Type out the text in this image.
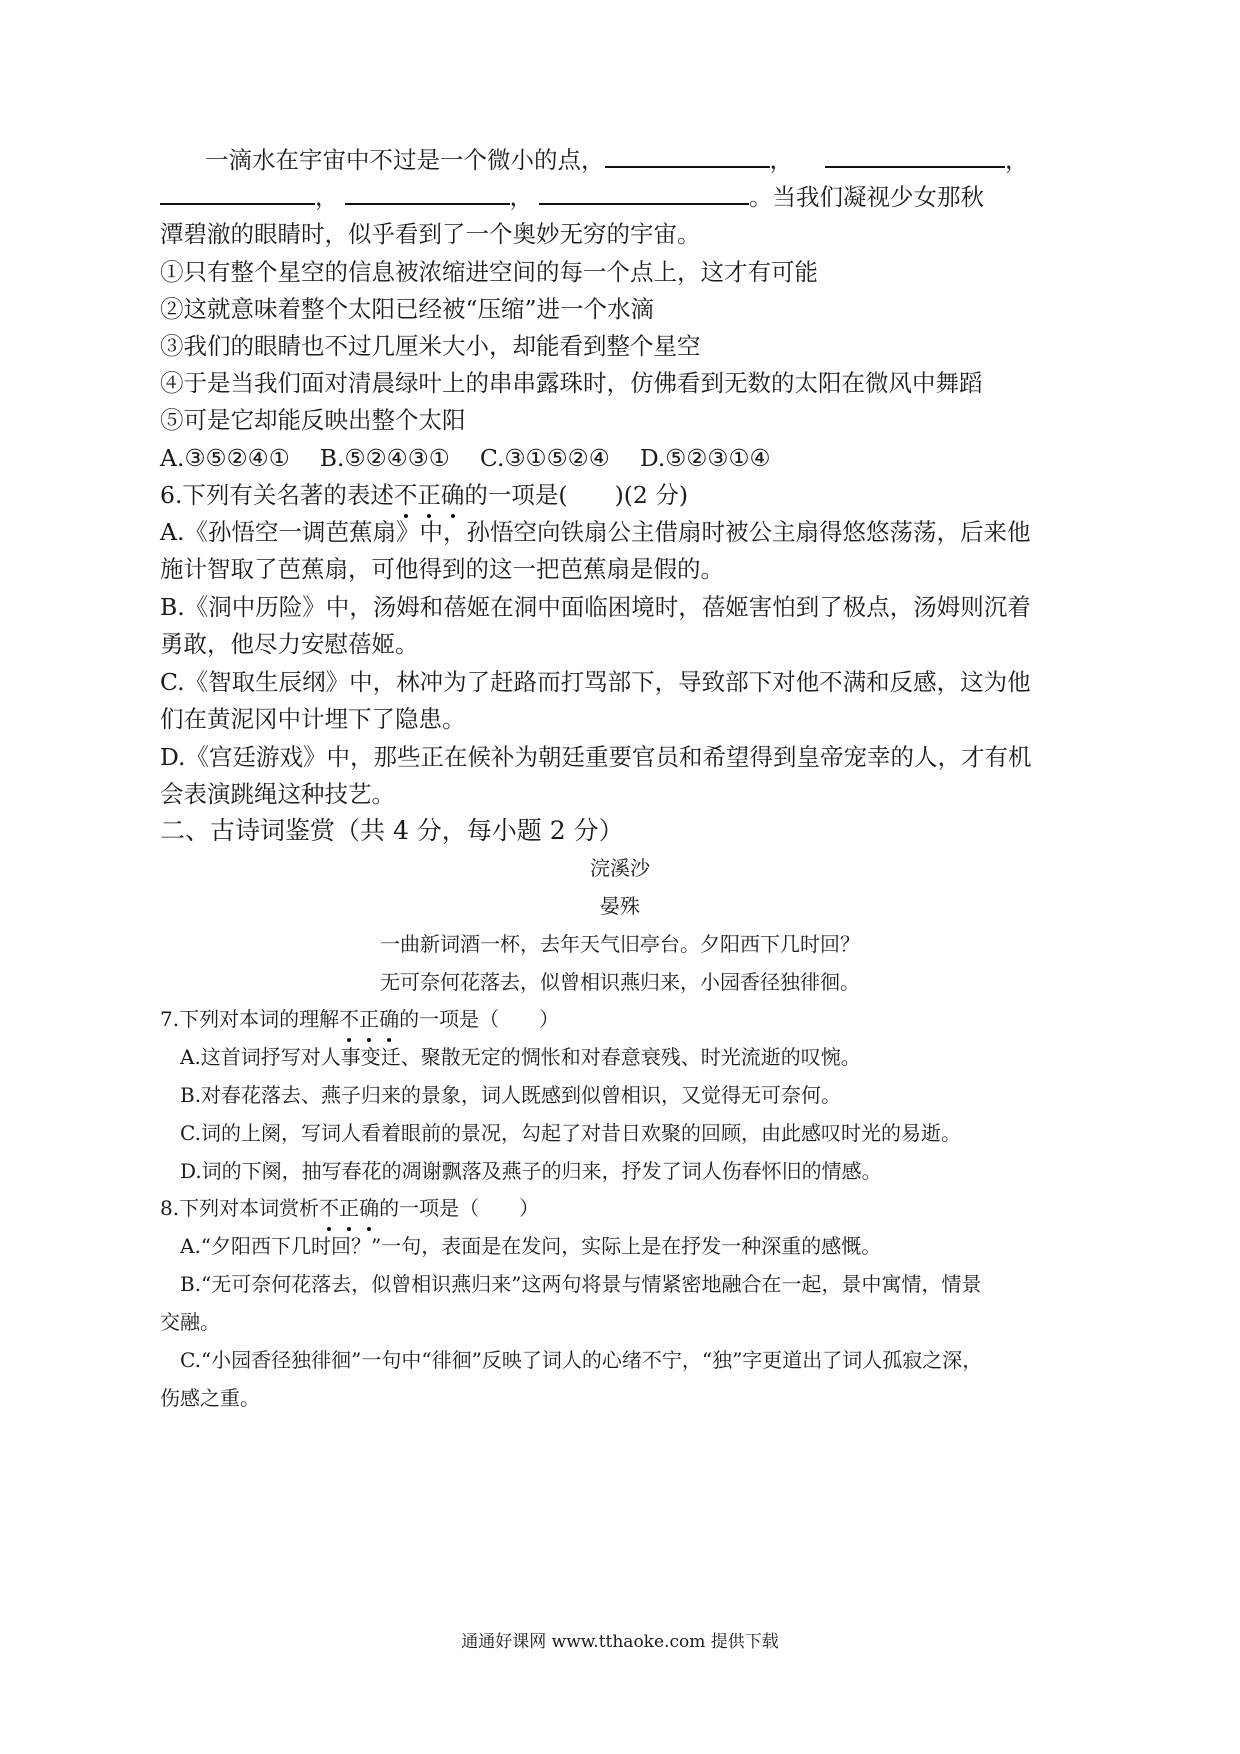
一滴水在宇宙中不过是一个微小的点，	，	，
，	，	。当我们凝视少女那秋
潭碧澈的眼睛时，似乎看到了一个奥妙无穷的宇宙。
①只有整个星空的信息被浓缩进空间的每一个点上，这才有可能
②这就意味着整个太阳已经被“压缩”进一个水滴
③我们的眼睛也不过几厘米大小，却能看到整个星空
④于是当我们面对清晨绿叶上的串串露珠时，仿佛看到无数的太阳在微风中舞蹈
⑤可是它却能反映出整个太阳
A.③⑤②④① B.⑤②④③① C.③①⑤②④ D.⑤②③①④
6.下列有关名著的表述不正确的一项是(　　)(2 分)
A.《孙悟空一调芭蕉扇》中，孙悟空向铁扇公主借扇时被公主扇得悠悠荡荡，后来他
施计智取了芭蕉扇，可他得到的这一把芭蕉扇是假的。
B.《洞中历险》中，汤姆和蓓姬在洞中面临困境时，蓓姬害怕到了极点，汤姆则沉着
勇敢，他尽力安慰蓓姬。
C.《智取生辰纲》中，林冲为了赶路而打骂部下，导致部下对他不满和反感，这为他
们在黄泥冈中计埋下了隐患。
D.《宫廷游戏》中，那些正在候补为朝廷重要官员和希望得到皇帝宠幸的人，才有机
会表演跳绳这种技艺。
二、古诗词鉴赏（共 4 分，每小题 2 分）
浣溪沙
晏殊
一曲新词酒一杯，去年天气旧亭台。夕阳西下几时回？
无可奈何花落去，似曾相识燕归来，小园香径独徘徊。
7.下列对本词的理解不正确的一项是（　　）
A.这首词抒写对人事变迁、聚散无定的惆怅和对春意衰残、时光流逝的叹惋。
B.对春花落去、燕子归来的景象，词人既感到似曾相识，又觉得无可奈何。
C.词的上阕，写词人看着眼前的景况，勾起了对昔日欢聚的回顾，由此感叹时光的易逝。
D.词的下阕，抽写春花的凋谢飘落及燕子的归来，抒发了词人伤春怀旧的情感。
8.下列对本词赏析不正确的一项是（　　）
A.“夕阳西下几时回？”一句，表面是在发问，实际上是在抒发一种深重的感慨。
B.“无可奈何花落去，似曾相识燕归来”这两句将景与情紧密地融合在一起，景中寓情，情景
交融。
C.“小园香径独徘徊”一句中“徘徊”反映了词人的心绪不宁，“独”字更道出了词人孤寂之深，
伤感之重。
通通好课网 www.tthaoke.com 提供下载
